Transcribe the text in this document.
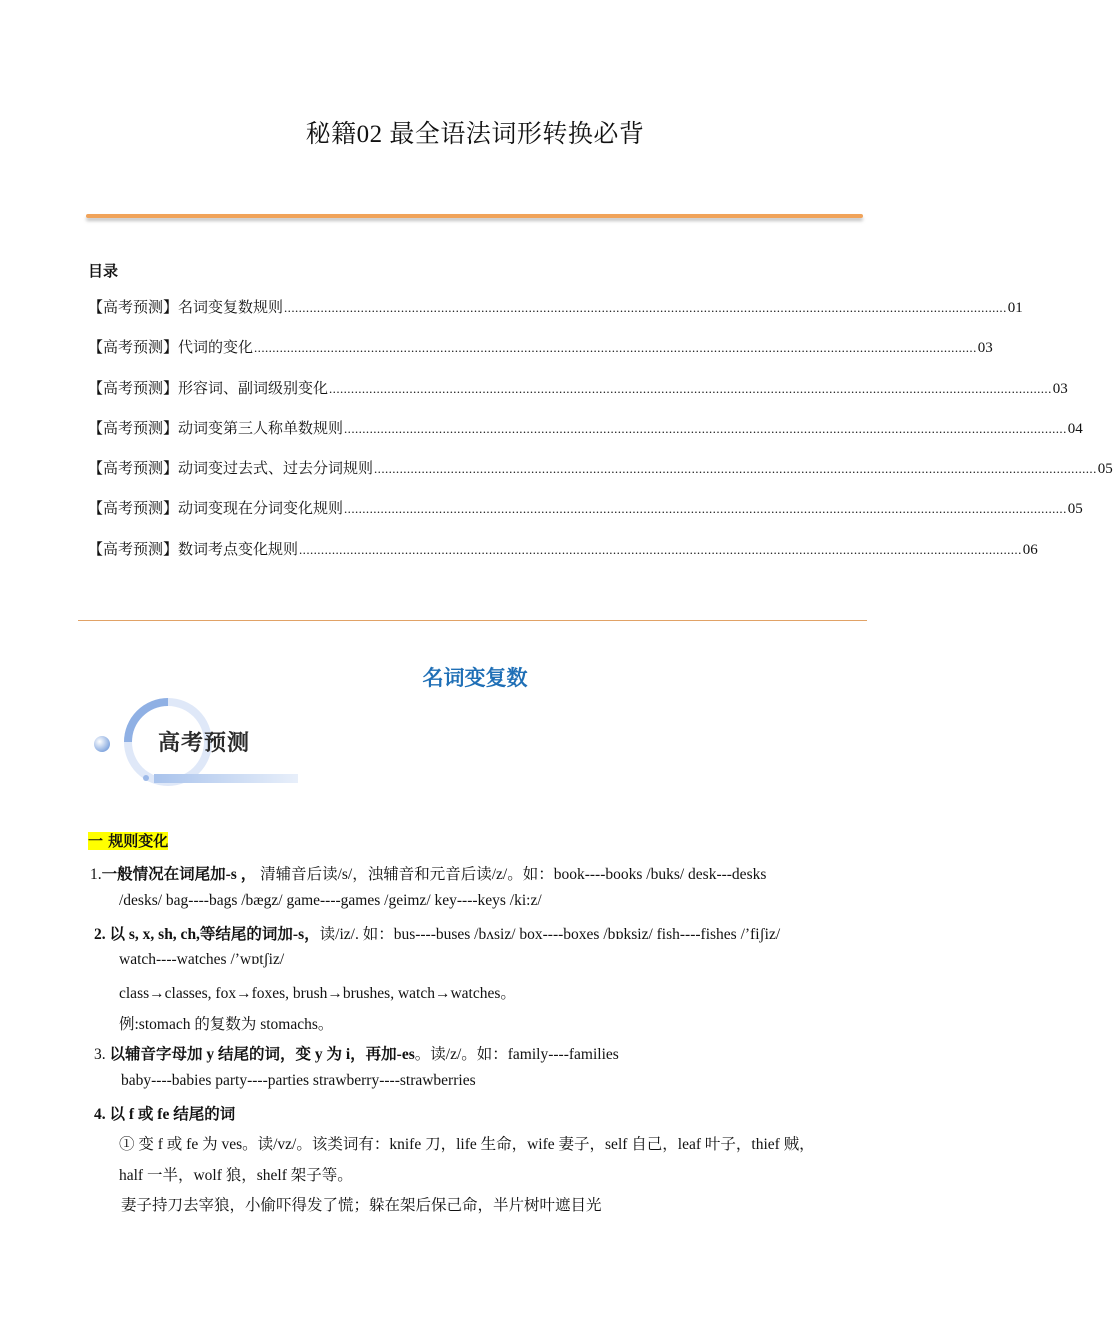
秘籍02 最全语法词形转换必背
目录
【高考预测】名词变复数规则 ...................................................................................................................................................................................................... 01
【高考预测】代词的变化 ...................................................................................................................................................................................................... 03
【高考预测】形容词、副词级别变化 ...................................................................................................................................................................................................... 03
【高考预测】动词变第三人称单数规则 ...................................................................................................................................................................................................... 04
【高考预测】动词变过去式、过去分词规则 ...................................................................................................................................................................................................... 05
【高考预测】动词变现在分词变化规则 ...................................................................................................................................................................................................... 05
【高考预测】数词考点变化规则 ...................................................................................................................................................................................................... 06
名词变复数
高考预测
一 规则变化
1.一般情况在词尾加-s ， 清辅音后读/s/，浊辅音和元音后读/z/。如：book----books /buks/ desk---desks
/desks/ bag----bags /bægz/ game----games /geimz/ key----keys /ki:z/
2. 以 s, x, sh, ch,等结尾的词加-s，读/iz/. 如：bus----buses /bʌsiz/ box----boxes /bɒksiz/ fish----fishes /’fiʃiz/
watch----watches /’wɒtʃiz/
class→classes, fox→foxes, brush→brushes, watch→watches。
例:stomach 的复数为 stomachs。
3. 以辅音字母加 y 结尾的词，变 y 为 i，再加-es。读/z/。如：family----families
baby----babies party----parties strawberry----strawberries
4. 以 f 或 fe 结尾的词
① 变 f 或 fe 为 ves。读/vz/。该类词有：knife 刀，life 生命，wife 妻子，self 自己，leaf 叶子，thief 贼，
half 一半，wolf 狼，shelf 架子等。
妻子持刀去宰狼，小偷吓得发了慌；躲在架后保己命，半片树叶遮目光
